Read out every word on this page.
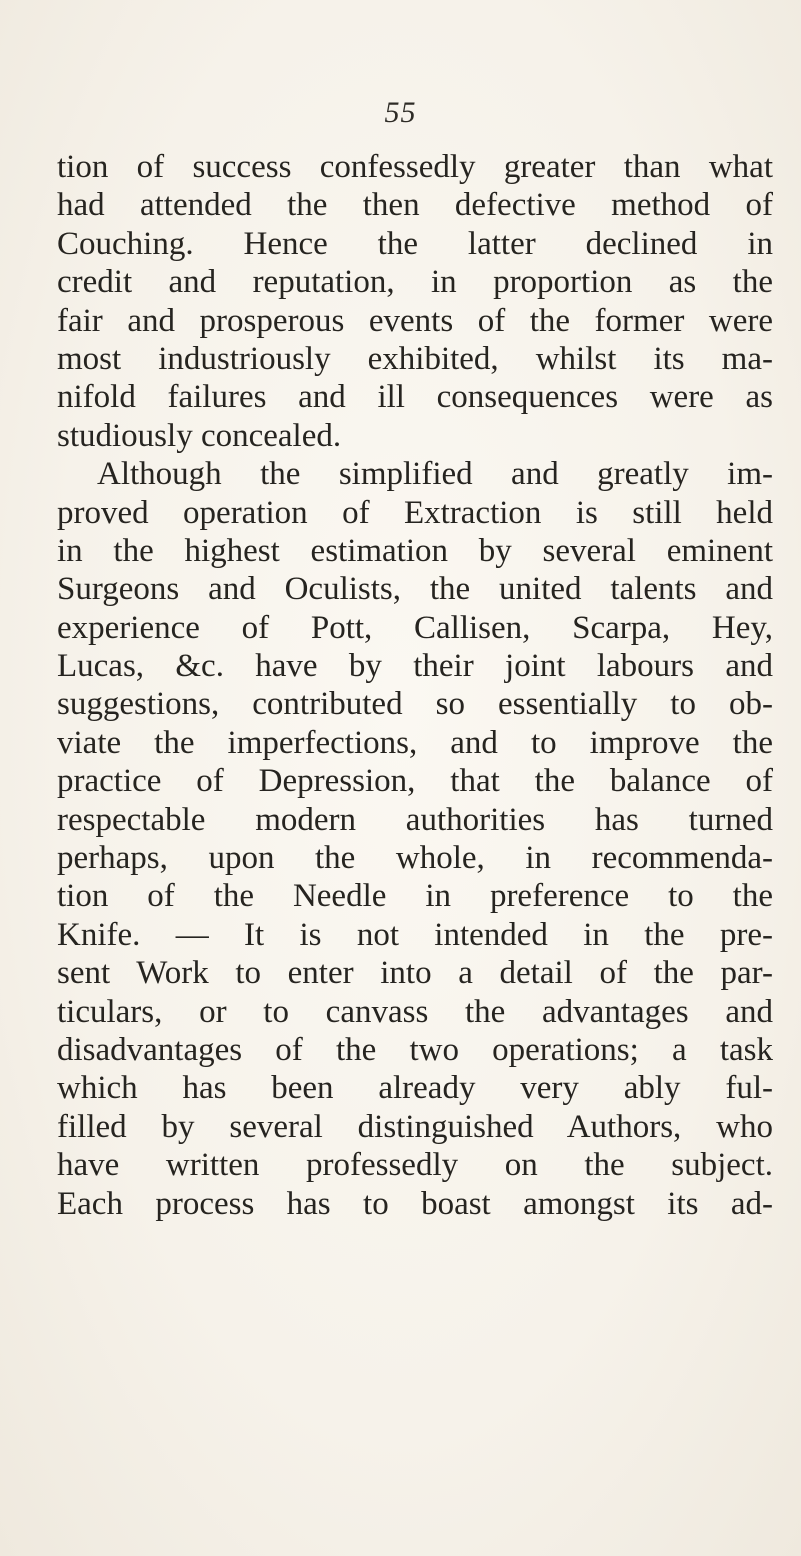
55
tion of success confessedly greater than what
had attended the then defective method of
Couching. Hence the latter declined in
credit and reputation, in proportion as the
fair and prosperous events of the former were
most industriously exhibited, whilst its ma-
nifold failures and ill consequences were as
studiously concealed.
Although the simplified and greatly im-
proved operation of Extraction is still held
in the highest estimation by several eminent
Surgeons and Oculists, the united talents and
experience of Pott, Callisen, Scarpa, Hey,
Lucas, &c. have by their joint labours and
suggestions, contributed so essentially to ob-
viate the imperfections, and to improve the
practice of Depression, that the balance of
respectable modern authorities has turned
perhaps, upon the whole, in recommenda-
tion of the Needle in preference to the
Knife. — It is not intended in the pre-
sent Work to enter into a detail of the par-
ticulars, or to canvass the advantages and
disadvantages of the two operations; a task
which has been already very ably ful-
filled by several distinguished Authors, who
have written professedly on the subject.
Each process has to boast amongst its ad-
